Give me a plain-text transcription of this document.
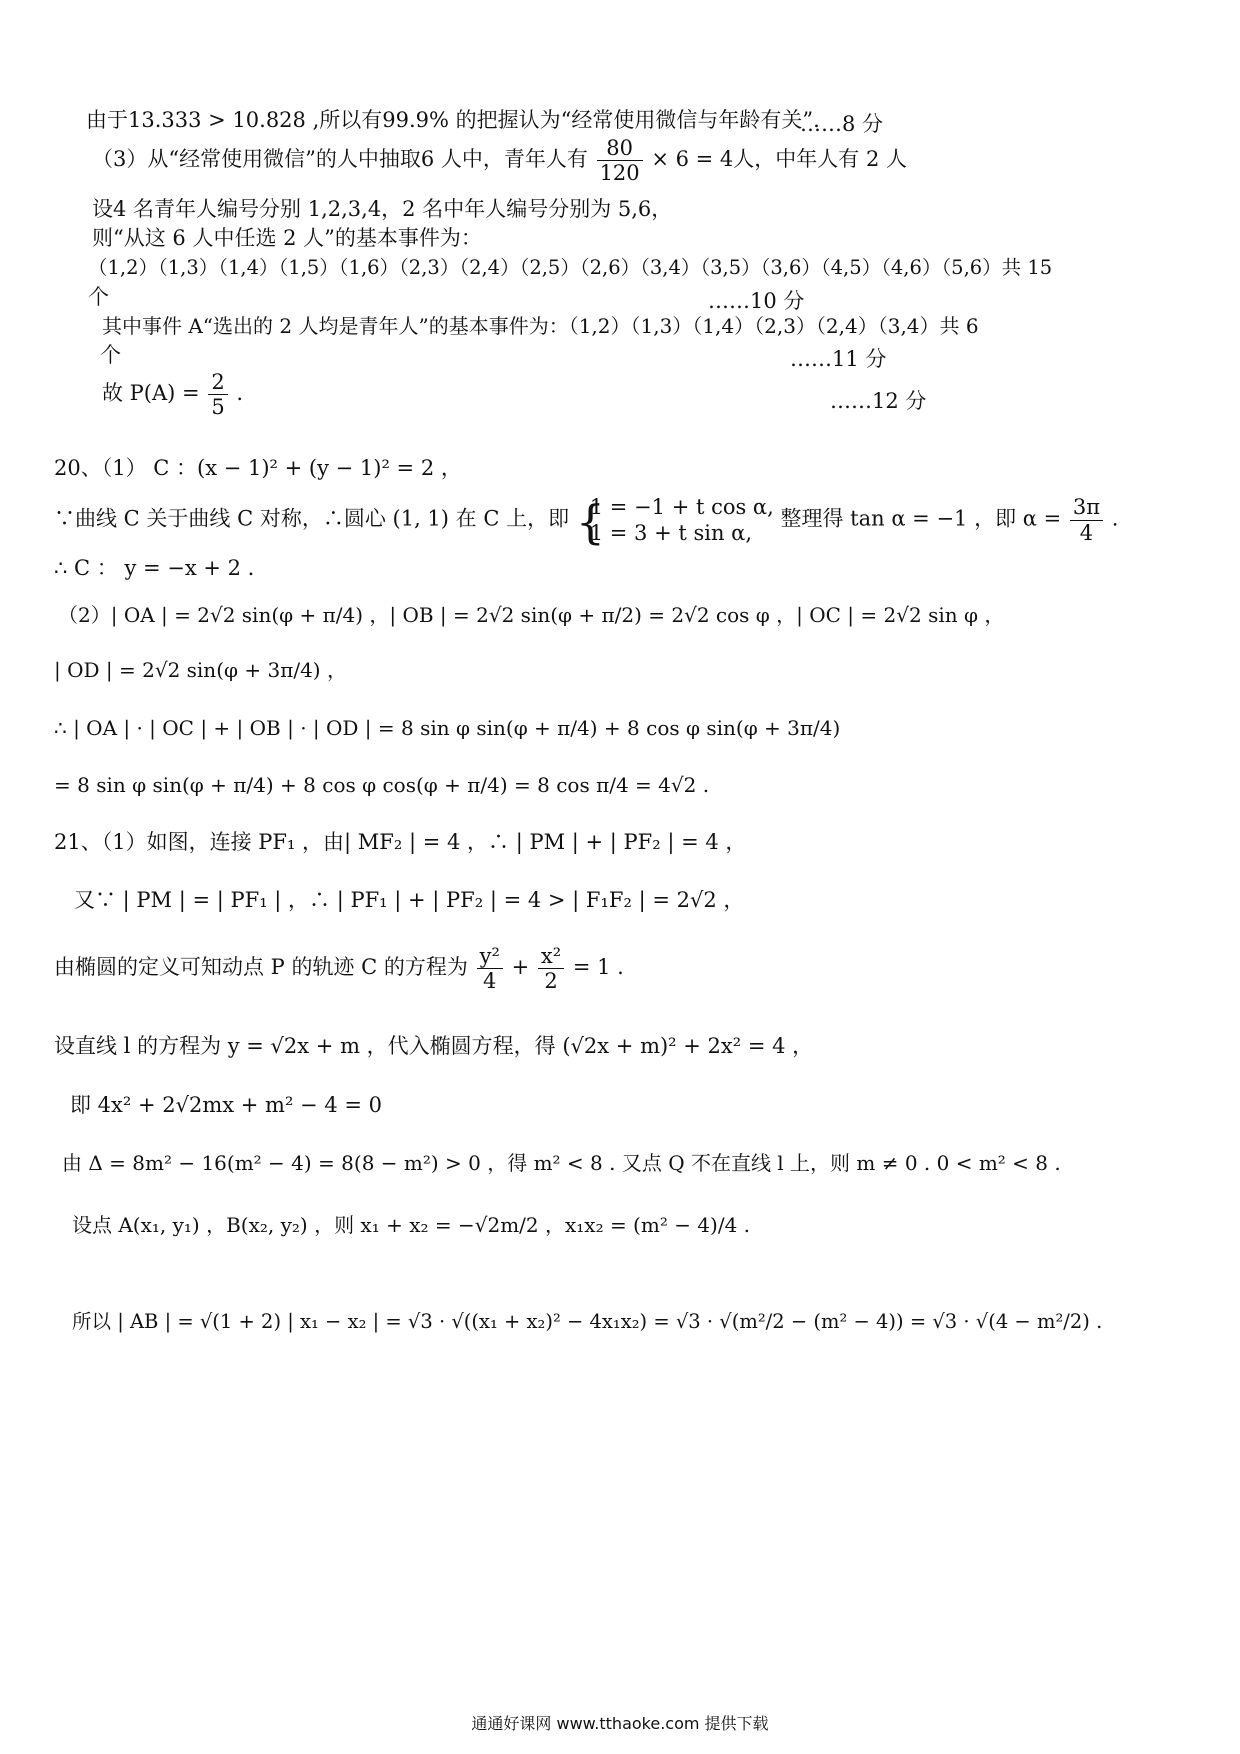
由于13.333 > 10.828 ,所以有99.9% 的把握认为“经常使用微信与年龄有关”.
……8 分
（3）从“经常使用微信”的人中抽取6 人中，青年人有 $\frac{80}{120} \times 6 = 4$人，中年人有 2 人
设4 名青年人编号分别 1,2,3,4，2 名中年人编号分别为 5,6，
则“从这 6 人中任选 2 人”的基本事件为：
（1,2）（1,3）（1,4）（1,5）（1,6）（2,3）（2,4）（2,5）（2,6）（3,4）（3,5）（3,6）（4,5）（4,6）（5,6）共 15
个	……10 分
其中事件 A“选出的 2 人均是青年人”的基本事件为：（1,2）（1,3）（1,4）（2,3）（2,4）（3,4）共 6
个	……11 分
故 $P(A) = \frac{2}{5}$ .	……12 分
20、（1） C ：(x − 1)² + (y − 1)² = 2 ，
∵曲线 C 关于曲线 C 对称，∴圆心 (1, 1) 在 C 上，即 {
1 = −1 + t cos α,
1 = 3 + t sin α,
整理得 tan α = −1 ，即 $\alpha = \frac{3\pi}{4}$ .
∴ C ： y = −x + 2 .
（2）| OA | = 2√2 sin(φ + π/4) ，| OB | = 2√2 sin(φ + π/2) = 2√2 cos φ ，| OC | = 2√2 sin φ ，
| OD | = 2√2 sin(φ + 3π/4) ，
∴ | OA | · | OC | + | OB | · | OD | = 8 sin φ sin(φ + π/4) + 8 cos φ sin(φ + 3π/4)
= 8 sin φ sin(φ + π/4) + 8 cos φ cos(φ + π/4) = 8 cos π/4 = 4√2 .
21、（1）如图，连接 PF₁ ，由| MF₂ | = 4 ，∴ | PM | + | PF₂ | = 4 ，
又∵ | PM | = | PF₁ | ，∴ | PF₁ | + | PF₂ | = 4 > | F₁F₂ | = 2√2 ，
由椭圆的定义可知动点 P 的轨迹 C 的方程为 $\frac{\text{y²}}{4} + \frac{\text{x²}}{2} = 1$ .
设直线 l 的方程为 y = √2x + m ，代入椭圆方程，得 (√2x + m)² + 2x² = 4 ，
即 4x² + 2√2mx + m² − 4 = 0
由 Δ = 8m² − 16(m² − 4) = 8(8 − m²) > 0 ，得 m² < 8 . 又点 Q 不在直线 l 上，则 m ≠ 0 . 0 < m² < 8 .
设点 A(x₁, y₁) ，B(x₂, y₂) ，则 x₁ + x₂ = −√2m/2 ，x₁x₂ = (m² − 4)/4 .
所以 | AB | = √(1 + 2) | x₁ − x₂ | = √3 · √((x₁ + x₂)² − 4x₁x₂) = √3 · √(m²/2 − (m² − 4)) = √3 · √(4 − m²/2) .
通通好课网 www.tthaoke.com 提供下载
